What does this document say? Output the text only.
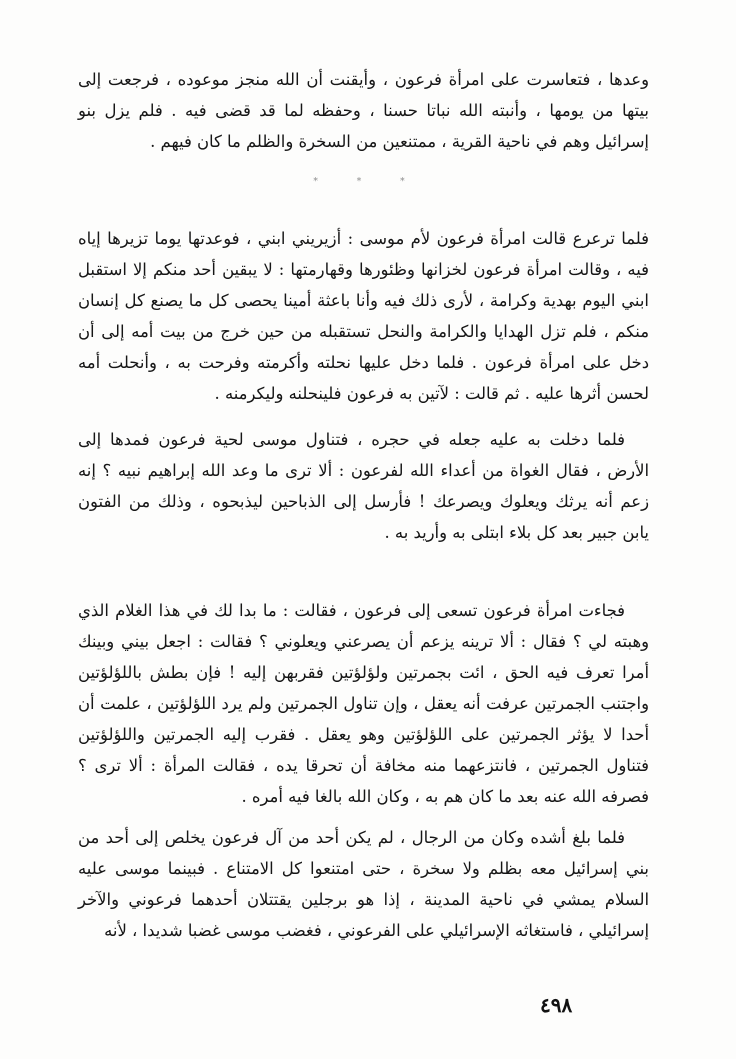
وعدها ، فتعاسرت على امرأة فرعون ، وأيقنت أن الله منجز موعوده ، فرجعت إلى بيتها من يومها ، وأنبته الله نباتا حسنا ، وحفظه لما قد قضى فيه . فلم يزل بنو إسرائيل وهم في ناحية القرية ، ممتنعين من السخرة والظلم ما كان فيهم .

* * *

فلما ترعرع قالت امرأة فرعون لأم موسى : أزيريني ابني ، فوعدتها يوما تزيرها إياه فيه ، وقالت امرأة فرعون لخزانها وظئورها وقهارمتها : لا يبقين أحد منكم إلا استقبل ابني اليوم بهدية وكرامة ، لأرى ذلك فيه وأنا باعثة أمينا يحصى كل ما يصنع كل إنسان منكم ، فلم تزل الهدايا والكرامة والنحل تستقبله من حين خرج من بيت أمه إلى أن دخل على امرأة فرعون . فلما دخل عليها نحلته وأكرمته وفرحت به ، وأنحلت أمه لحسن أثرها عليه . ثم قالت : لآتين به فرعون فلينحلنه وليكرمنه .

فلما دخلت به عليه جعله في حجره ، فتناول موسى لحية فرعون فمدها إلى الأرض ، فقال الغواة من أعداء الله لفرعون : ألا ترى ما وعد الله إبراهيم نبيه ؟ إنه زعم أنه يرثك ويعلوك ويصرعك ! فأرسل إلى الذباحين ليذبحوه ، وذلك من الفتون يابن جبير بعد كل بلاء ابتلى به وأريد به .

فجاءت امرأة فرعون تسعى إلى فرعون ، فقالت : ما بدا لك في هذا الغلام الذي وهبته لي ؟ فقال : ألا ترينه يزعم أن يصرعني ويعلوني ؟ فقالت : اجعل بيني وبينك أمرا تعرف فيه الحق ، ائت بجمرتين ولؤلؤتين فقربهن إليه ! فإن بطش باللؤلؤتين واجتنب الجمرتين عرفت أنه يعقل ، وإن تناول الجمرتين ولم يرد اللؤلؤتين ، علمت أن أحدا لا يؤثر الجمرتين على اللؤلؤتين وهو يعقل . فقرب إليه الجمرتين واللؤلؤتين فتناول الجمرتين ، فانتزعهما منه مخافة أن تحرقا يده ، فقالت المرأة : ألا ترى ؟ فصرفه الله عنه بعد ما كان هم به ، وكان الله بالغا فيه أمره .

فلما بلغ أشده وكان من الرجال ، لم يكن أحد من آل فرعون يخلص إلى أحد من بني إسرائيل معه بظلم ولا سخرة ، حتى امتنعوا كل الامتناع . فبينما موسى عليه السلام يمشي في ناحية المدينة ، إذا هو برجلين يقتتلان أحدهما فرعوني والآخر إسرائيلي ، فاستغاثه الإسرائيلي على الفرعوني ، فغضب موسى غضبا شديدا ، لأنه

٤٩٨
